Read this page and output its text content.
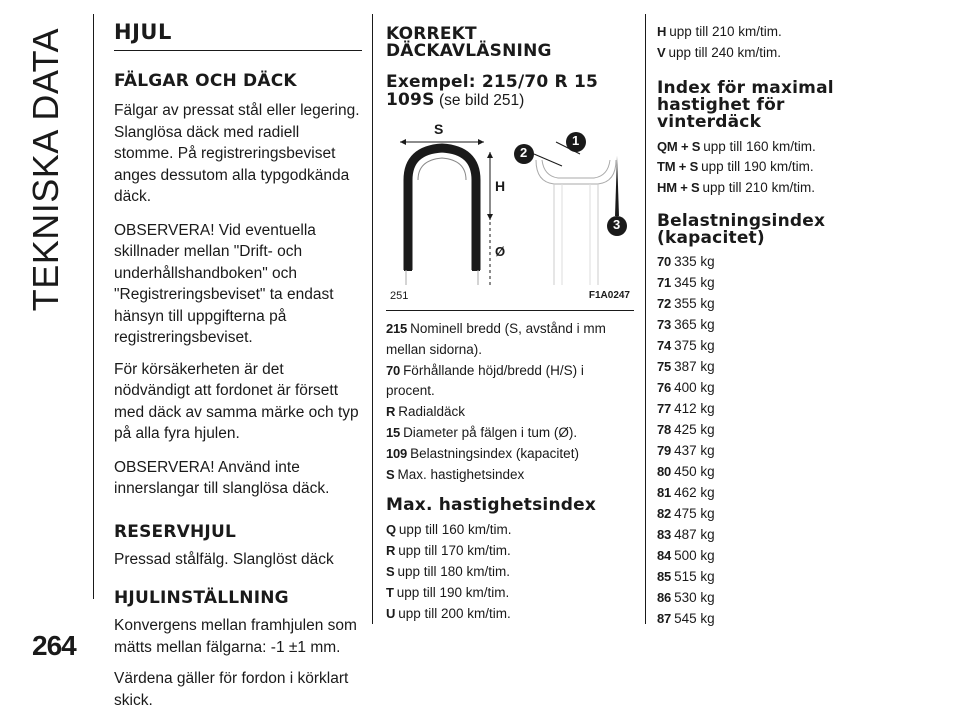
TEKNISKA DATA
264
HJUL
FÄLGAR OCH DÄCK

Fälgar av pressat stål eller legering. Slanglösa däck med radiell stomme. På registreringsbeviset anges dessutom alla typgodkända däck.

OBSERVERA! Vid eventuella skillnader mellan "Drift- och underhållshandboken" och "Registreringsbeviset" ta endast hänsyn till uppgifterna på registreringsbeviset.

För körsäkerheten är det nödvändigt att fordonet är försett med däck av samma märke och typ på alla fyra hjulen.

OBSERVERA! Använd inte innerslangar till slanglösa däck.

RESERVHJUL

Pressad stålfälg. Slanglöst däck

HJULINSTÄLLNING

Konvergens mellan framhjulen som mätts mellan fälgarna: -1 ±1 mm.

Värdena gäller för fordon i körklart skick.

KORREKT DÄCKAVLÄSNING
Exempel: 215/70 R 15 109S (se bild 251)
S
H
Ø
1
2
3
251	F1A0247
215 Nominell bredd (S, avstånd i mm mellan sidorna).
70 Förhållande höjd/bredd (H/S) i procent.
R Radialdäck
15 Diameter på fälgen i tum (Ø).
109 Belastningsindex (kapacitet)
S Max. hastighetsindex
Max. hastighetsindex
Q upp till 160 km/tim.
R upp till 170 km/tim.
S upp till 180 km/tim.
T upp till 190 km/tim.
U upp till 200 km/tim.
H upp till 210 km/tim.
V upp till 240 km/tim.
Index för maximal hastighet för vinterdäck
QM + S upp till 160 km/tim.
TM + S upp till 190 km/tim.
HM + S upp till 210 km/tim.
Belastningsindex (kapacitet)
70 335 kg
71 345 kg
72 355 kg
73 365 kg
74 375 kg
75 387 kg
76 400 kg
77 412 kg
78 425 kg
79 437 kg
80 450 kg
81 462 kg
82 475 kg
83 487 kg
84 500 kg
85 515 kg
86 530 kg
87 545 kg
